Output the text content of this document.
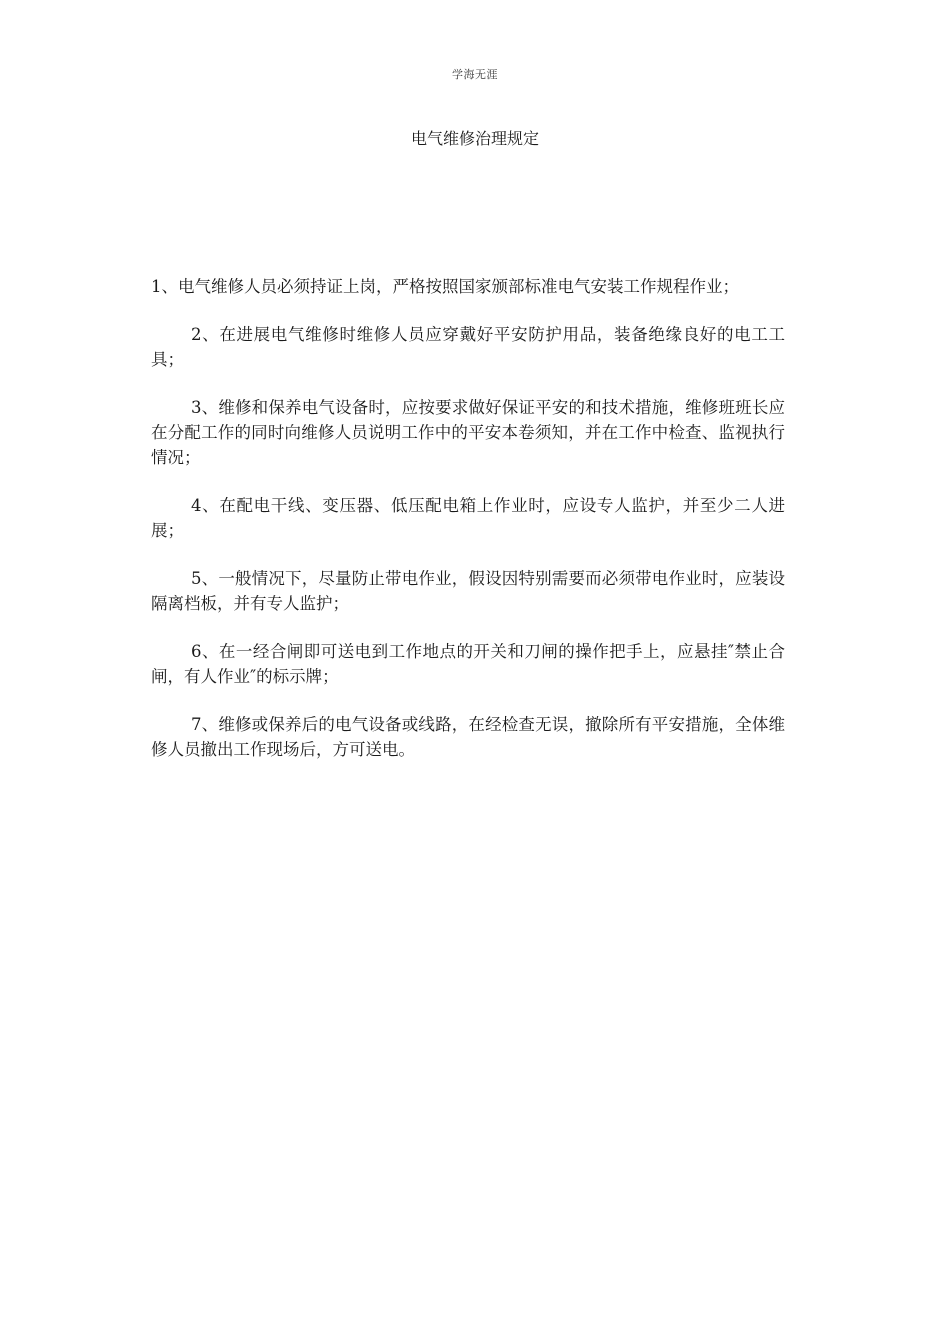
学海无涯
电气维修治理规定

1、电气维修人员必须持证上岗，严格按照国家颁部标准电气安装工作规程作业；

2、在进展电气维修时维修人员应穿戴好平安防护用品，装备绝缘良好的电工工具；

3、维修和保养电气设备时，应按要求做好保证平安的和技术措施，维修班班长应在分配工作的同时向维修人员说明工作中的平安本卷须知，并在工作中检查、监视执行情况；

4、在配电干线、变压器、低压配电箱上作业时，应设专人监护，并至少二人进展；

5、一般情况下，尽量防止带电作业，假设因特别需要而必须带电作业时，应装设隔离档板，并有专人监护；

6、在一经合闸即可送电到工作地点的开关和刀闸的操作把手上，应悬挂″禁止合闸，有人作业″的标示牌；

7、维修或保养后的电气设备或线路，在经检查无误，撤除所有平安措施，全体维修人员撤出工作现场后，方可送电。
